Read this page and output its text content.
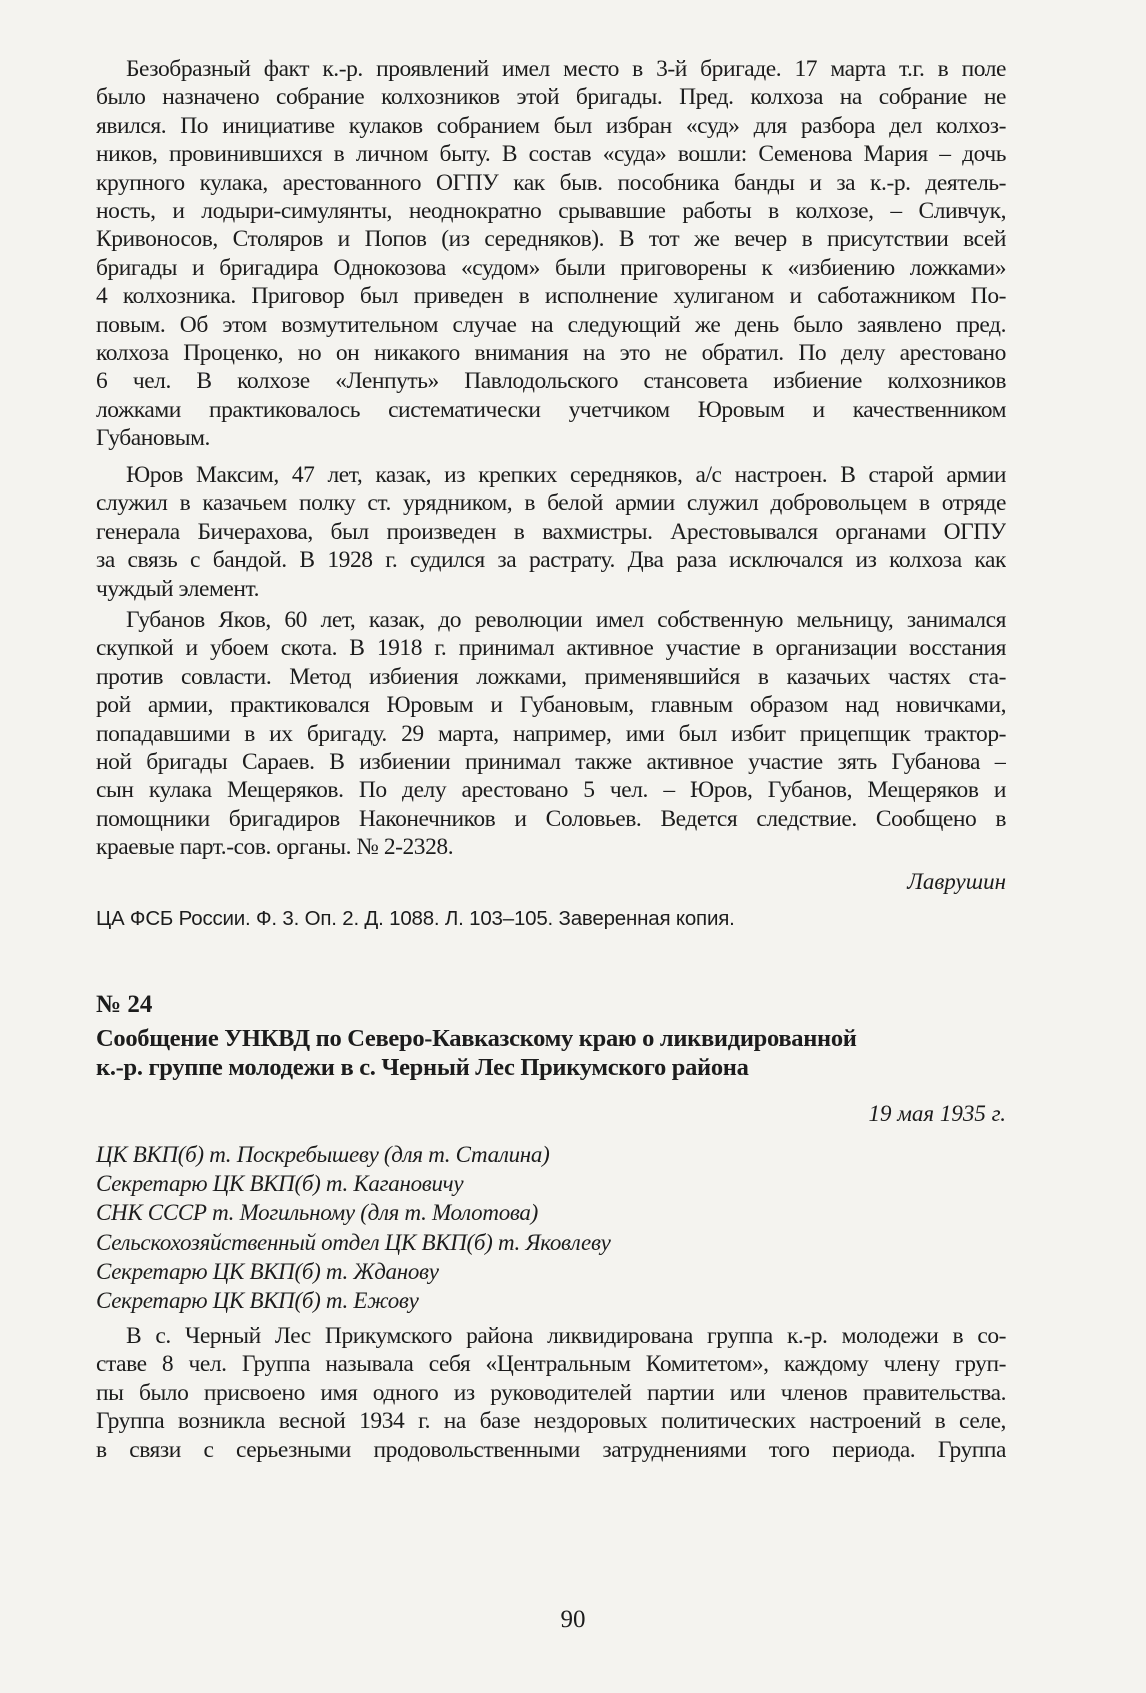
Безобразный факт к.-р. проявлений имел место в 3-й бригаде. 17 марта т.г. в поле
было назначено собрание колхозников этой бригады. Пред. колхоза на собрание не
явился. По инициативе кулаков собранием был избран «суд» для разбора дел колхоз-
ников, провинившихся в личном быту. В состав «суда» вошли: Семенова Мария – дочь
крупного кулака, арестованного ОГПУ как быв. пособника банды и за к.-р. деятель-
ность, и лодыри-симулянты, неоднократно срывавшие работы в колхозе, – Сливчук,
Кривоносов, Столяров и Попов (из середняков). В тот же вечер в присутствии всей
бригады и бригадира Однокозова «судом» были приговорены к «избиению ложками»
4 колхозника. Приговор был приведен в исполнение хулиганом и саботажником По-
повым. Об этом возмутительном случае на следующий же день было заявлено пред.
колхоза Проценко, но он никакого внимания на это не обратил. По делу арестовано
6 чел. В колхозе «Ленпуть» Павлодольского стансовета избиение колхозников
ложками практиковалось систематически учетчиком Юровым и качественником
Губановым.
Юров Максим, 47 лет, казак, из крепких середняков, а/с настроен. В старой армии
служил в казачьем полку ст. урядником, в белой армии служил добровольцем в отряде
генерала Бичерахова, был произведен в вахмистры. Арестовывался органами ОГПУ
за связь с бандой. В 1928 г. судился за растрату. Два раза исключался из колхоза как
чуждый элемент.
Губанов Яков, 60 лет, казак, до революции имел собственную мельницу, занимался
скупкой и убоем скота. В 1918 г. принимал активное участие в организации восстания
против совласти. Метод избиения ложками, применявшийся в казачьих частях ста-
рой армии, практиковался Юровым и Губановым, главным образом над новичками,
попадавшими в их бригаду. 29 марта, например, ими был избит прицепщик трактор-
ной бригады Сараев. В избиении принимал также активное участие зять Губанова –
сын кулака Мещеряков. По делу арестовано 5 чел. – Юров, Губанов, Мещеряков и
помощники бригадиров Наконечников и Соловьев. Ведется следствие. Сообщено в
краевые парт.-сов. органы. № 2-2328.
Лаврушин
ЦА ФСБ России. Ф. 3. Оп. 2. Д. 1088. Л. 103–105. Заверенная копия.
№ 24
Сообщение УНКВД по Северо-Кавказскому краю о ликвидированной
к.-р. группе молодежи в с. Черный Лес Прикумского района
19 мая 1935 г.
ЦК ВКП(б) т. Поскребышеву (для т. Сталина)
Секретарю ЦК ВКП(б) т. Кагановичу
СНК СССР т. Могильному (для т. Молотова)
Сельскохозяйственный отдел ЦК ВКП(б) т. Яковлеву
Секретарю ЦК ВКП(б) т. Жданову
Секретарю ЦК ВКП(б) т. Ежову
В с. Черный Лес Прикумского района ликвидирована группа к.-р. молодежи в со-
ставе 8 чел. Группа называла себя «Центральным Комитетом», каждому члену груп-
пы было присвоено имя одного из руководителей партии или членов правительства.
Группа возникла весной 1934 г. на базе нездоровых политических настроений в селе,
в связи с серьезными продовольственными затруднениями того периода. Группа
90
